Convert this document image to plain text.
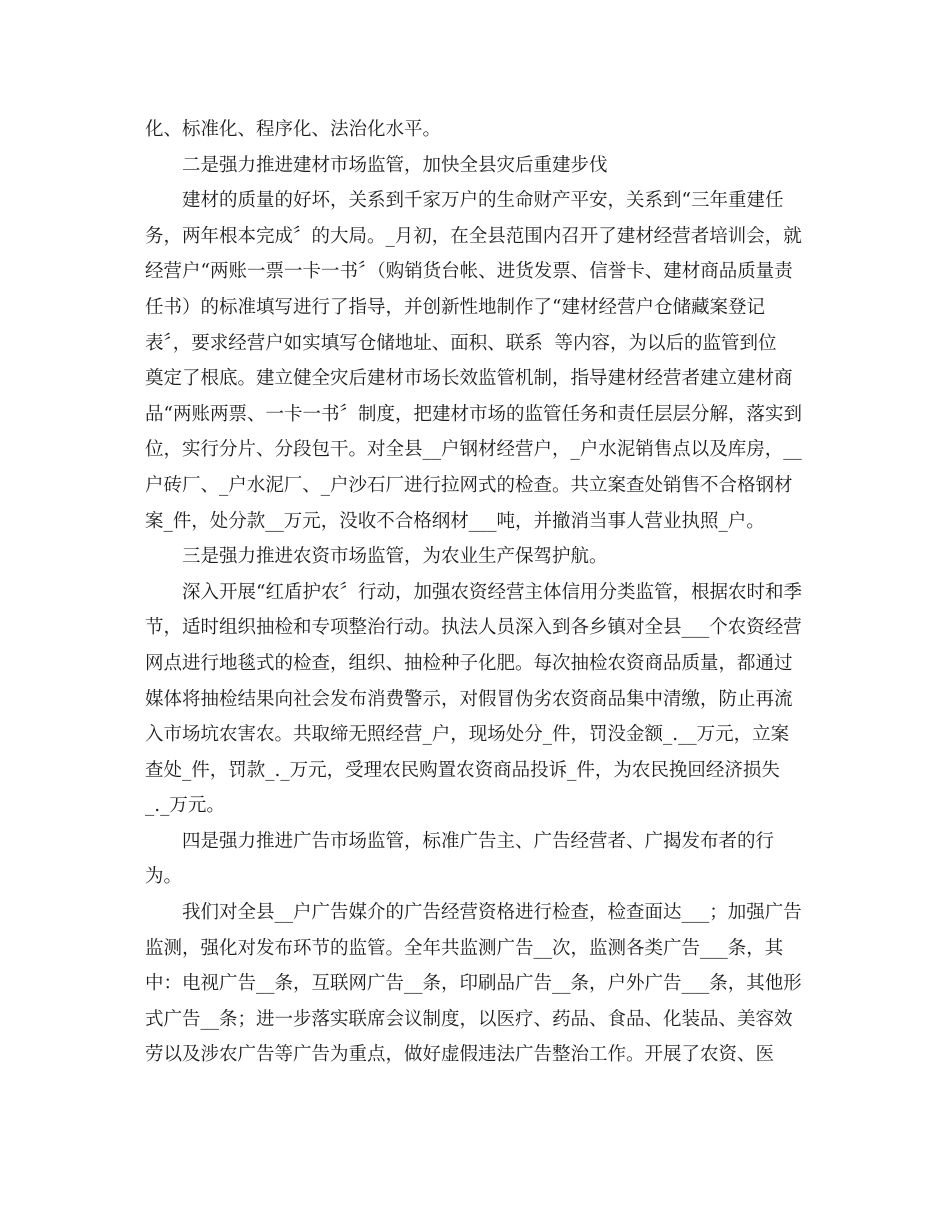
化、标准化、程序化、法治化水平。
二是强力推进建材市场监管，加快全县灾后重建步伐
建材的质量的好坏，关系到千家万户的生命财产平安，关系到“三年重建任
务，两年根本完成〞的大局。_月初，在全县范围内召开了建材经营者培训会，就
经营户“两账一票一卡一书〞（购销货台帐、进货发票、信誉卡、建材商品质量责
任书）的标准填写进行了指导，并创新性地制作了“建材经营户仓储藏案登记
表〞，要求经营户如实填写仓储地址、面积、联系  等内容，为以后的监管到位
奠定了根底。建立健全灾后建材市场长效监管机制，指导建材经营者建立建材商
品“两账两票、一卡一书〞制度，把建材市场的监管任务和责任层层分解，落实到
位，实行分片、分段包干。对全县__户钢材经营户，_户水泥销售点以及库房，__
户砖厂、_户水泥厂、_户沙石厂进行拉网式的检查。共立案查处销售不合格钢材
案_件，处分款__万元，没收不合格纲材___吨，并撤消当事人营业执照_户。
三是强力推进农资市场监管，为农业生产保驾护航。
深入开展“红盾护农〞行动，加强农资经营主体信用分类监管，根据农时和季
节，适时组织抽检和专项整治行动。执法人员深入到各乡镇对全县___个农资经营
网点进行地毯式的检查，组织、抽检种子化肥。每次抽检农资商品质量，都通过
媒体将抽检结果向社会发布消费警示，对假冒伪劣农资商品集中清缴，防止再流
入市场坑农害农。共取缔无照经营_户，现场处分_件，罚没金额_.__万元，立案
查处_件，罚款_._万元，受理农民购置农资商品投诉_件，为农民挽回经济损失
_._万元。
四是强力推进广告市场监管，标准广告主、广告经营者、广揭发布者的行
为。
我们对全县__户广告媒介的广告经营资格进行检查，检查面达___；加强广告
监测，强化对发布环节的监管。全年共监测广告__次，监测各类广告___条，其
中：电视广告__条，互联网广告__条，印刷品广告__条，户外广告___条，其他形
式广告__条；进一步落实联席会议制度，以医疗、药品、食品、化装品、美容效
劳以及涉农广告等广告为重点，做好虚假违法广告整治工作。开展了农资、医
